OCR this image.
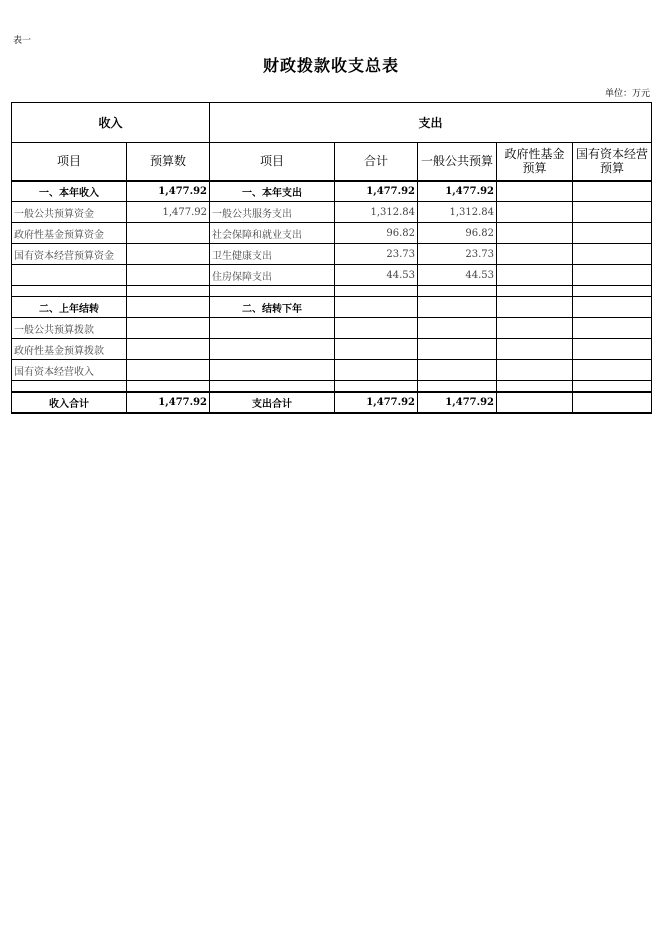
表一
财政拨款收支总表
单位：万元
收入		支出				
项目	预算数	项目	合计	一般公共预算	政府性基金预算	国有资本经营预算
一、本年收入	1,477.92	一、本年支出	1,477.92	1,477.92		
一般公共预算资金	1,477.92	一般公共服务支出	1,312.84	1,312.84		
政府性基金预算资金		社会保障和就业支出	96.82	96.82		
国有资本经营预算资金		卫生健康支出	23.73	23.73		
		住房保障支出	44.53	44.53		

二、上年结转		二、结转下年				
一般公共预算拨款						
政府性基金预算拨款						
国有资本经营收入						

收入合计	1,477.92	支出合计	1,477.92	1,477.92		
